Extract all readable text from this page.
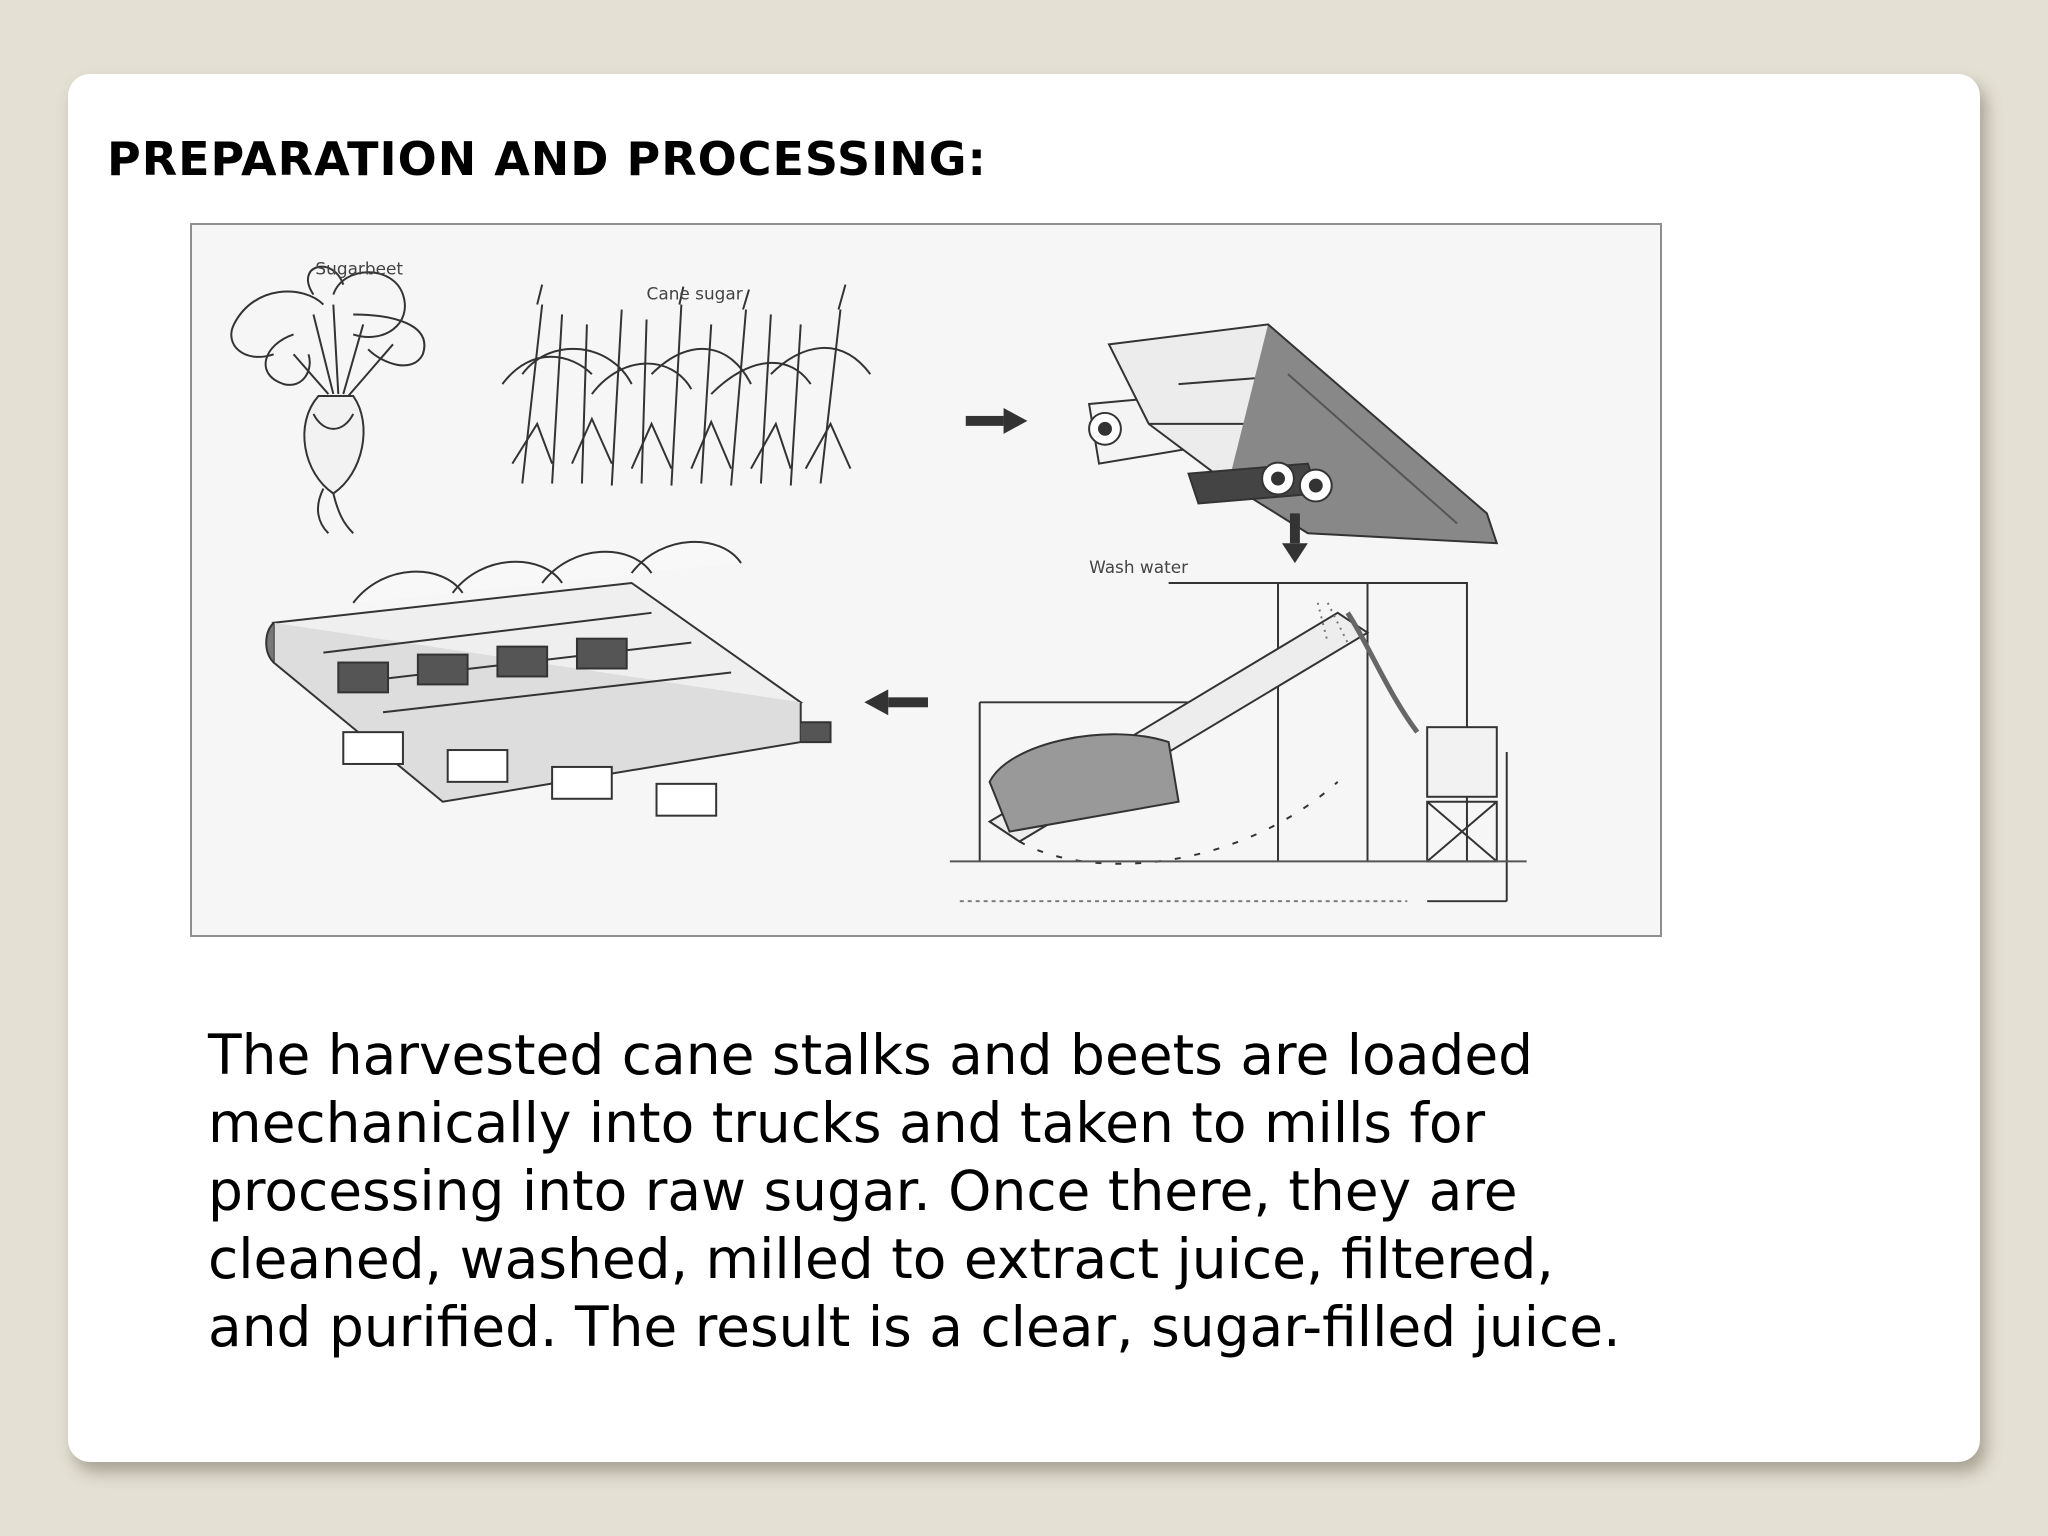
PREPARATION AND PROCESSING:
Sugarbeet
Cane sugar
Wash water

The harvested cane stalks and beets are loaded
mechanically into trucks and taken to mills for
processing into raw sugar. Once there, they are
cleaned, washed, milled to extract juice, filtered,
and purified. The result is a clear, sugar-filled juice.
